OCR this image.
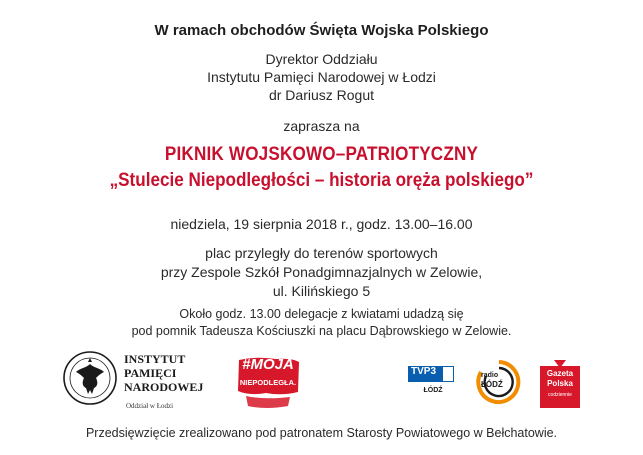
W ramach obchodów Święta Wojska Polskiego
Dyrektor Oddziału
Instytutu Pamięci Narodowej w Łodzi
dr Dariusz Rogut
zaprasza na
PIKNIK WOJSKOWO–PATRIOTYCZNY
„Stulecie Niepodległości – historia oręża polskiego”
niedziela, 19 sierpnia 2018 r., godz. 13.00–16.00
plac przyległy do terenów sportowych
przy Zespole Szkół Ponadgimnazjalnych w Zelowie,
ul. Kilińskiego 5
Około godz. 13.00 delegacje z kwiatami udadzą się
pod pomnik Tadeusza Kościuszki na placu Dąbrowskiego w Zelowie.
INSTYTUT
PAMIĘCI
NARODOWEJ
Oddział w Łodzi
#MOJA
NIEPODLEGŁA.
TVP3
ŁÓDŹ
radio
ŁÓDŹ
Gazeta
Polska
codziennie
Przedsięwzięcie zrealizowano pod patronatem Starosty Powiatowego w Bełchatowie.
